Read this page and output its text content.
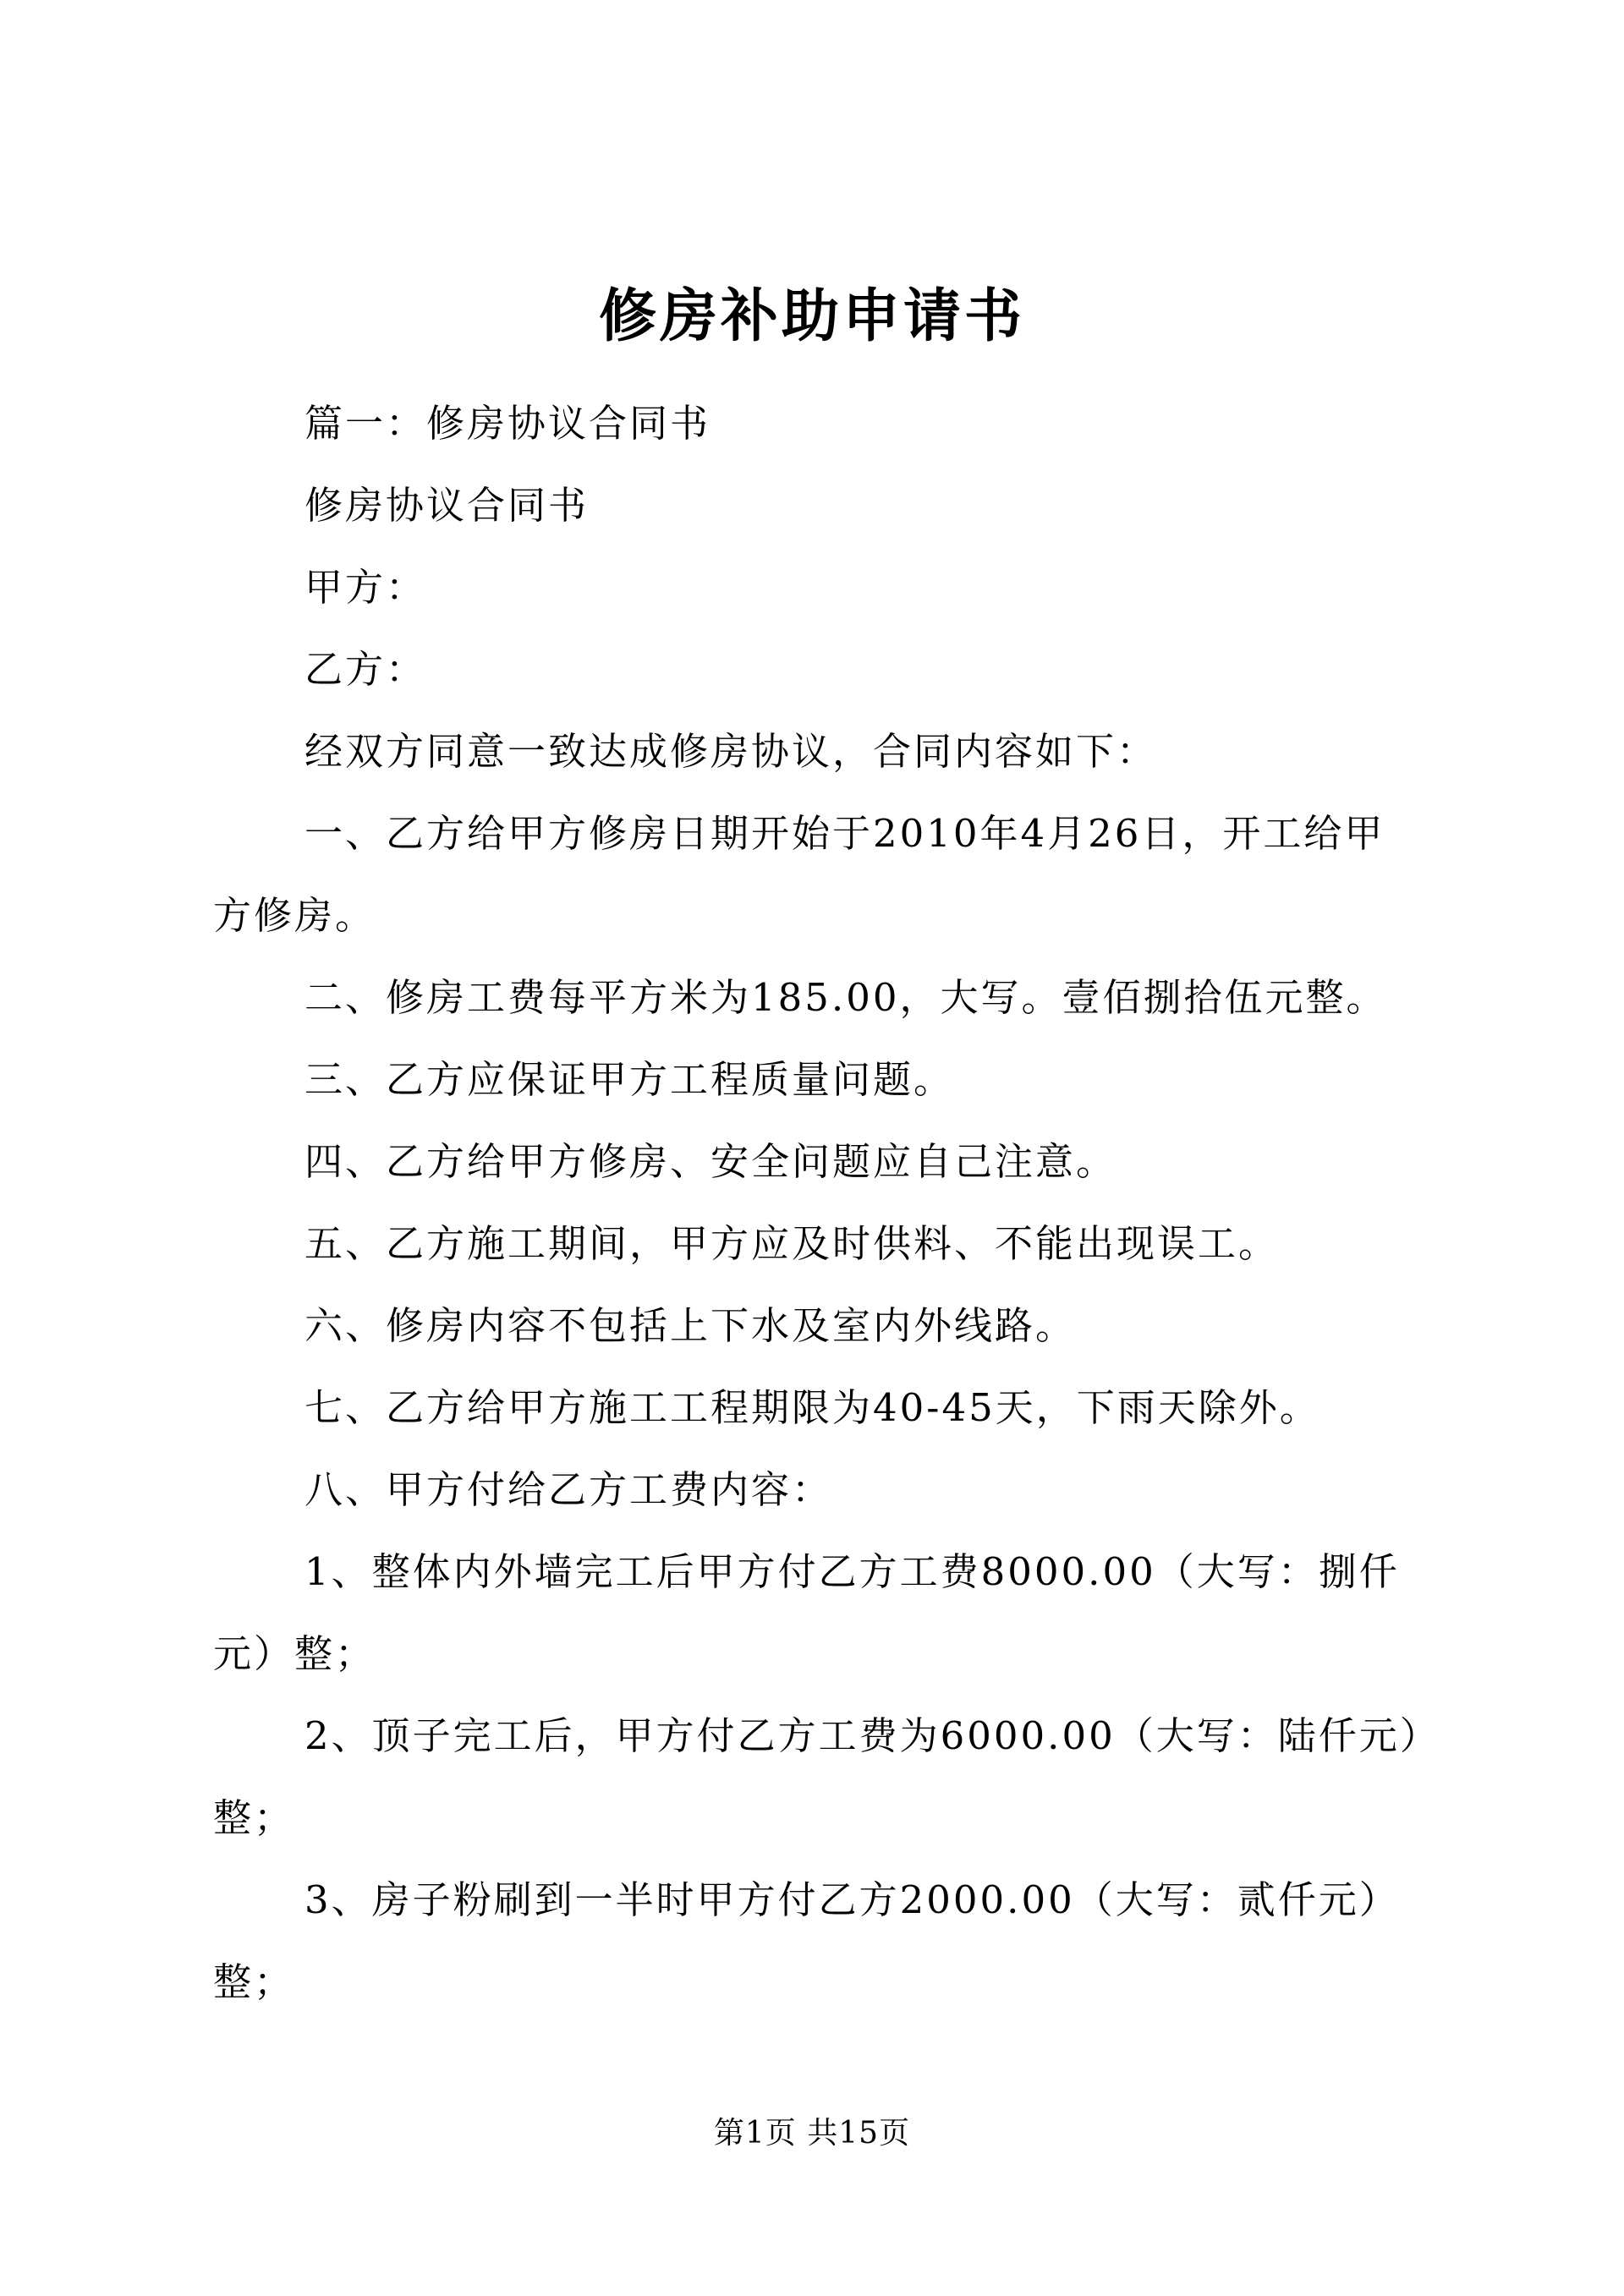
修房补助申请书

篇一：修房协议合同书

修房协议合同书

甲方：

乙方：

经双方同意一致达成修房协议，合同内容如下：

一、乙方给甲方修房日期开始于2010年4月26日，开工给甲方修房。

二、修房工费每平方米为185.00，大写。壹佰捌拾伍元整。

三、乙方应保证甲方工程质量问题。

四、乙方给甲方修房、安全问题应自己注意。

五、乙方施工期间，甲方应及时供料、不能出现误工。

六、修房内容不包括上下水及室内外线路。

七、乙方给甲方施工工程期限为40-45天，下雨天除外。

八、甲方付给乙方工费内容：

1、整体内外墙完工后甲方付乙方工费8000.00（大写：捌仟元）整；

2、顶子完工后，甲方付乙方工费为6000.00（大写：陆仟元）整；

3、房子粉刷到一半时甲方付乙方2000.00（大写：贰仟元）整；

第1页 共15页
